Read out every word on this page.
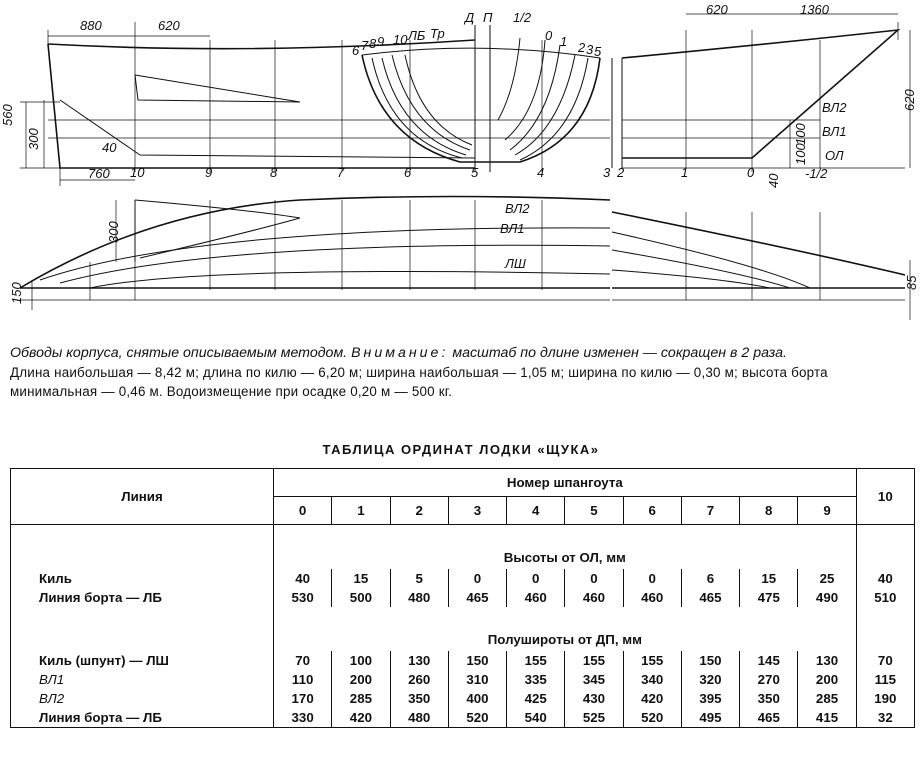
880	620
560
300	40
760 10	9	8	7	6	5	4	3 2	1	0
6 7 8 9 10 ЛБ Тр
Д П 1/2
0 1 2 3 5
620	1360
620
100
100
40
ВЛ2
ВЛ1
ОЛ
-1/2
ВЛ2
ВЛ1
ЛШ
300
150	85
Обводы корпуса, снятые описываемым методом. Внимание: масштаб по длине изменен — сокращен в 2 раза.
Длина наибольшая — 8,42 м; длина по килю — 6,20 м; ширина наибольшая — 1,05 м; ширина по килю — 0,30 м; высота борта минимальная — 0,46 м. Водоизмещение при осадке 0,20 м — 500 кг.
ТАБЛИЦА ОРДИНАТ ЛОДКИ «ЩУКА»
Линия	Номер шпангоута										10
	0	1	2	3	4	5	6	7	8	9	
	Высоты от ОЛ, мм										
Киль	40	15	5	0	0	0	0	6	15	25	40
Линия борта — ЛБ	530	500	480	465	460	460	460	465	475	490	510
	Полуширoты от ДП, мм										
Киль (шпунт) — ЛШ	70	100	130	150	155	155	155	150	145	130	70
ВЛ1	110	200	260	310	335	345	340	320	270	200	115
ВЛ2	170	285	350	400	425	430	420	395	350	285	190
Линия борта — ЛБ	330	420	480	520	540	525	520	495	465	415	32
